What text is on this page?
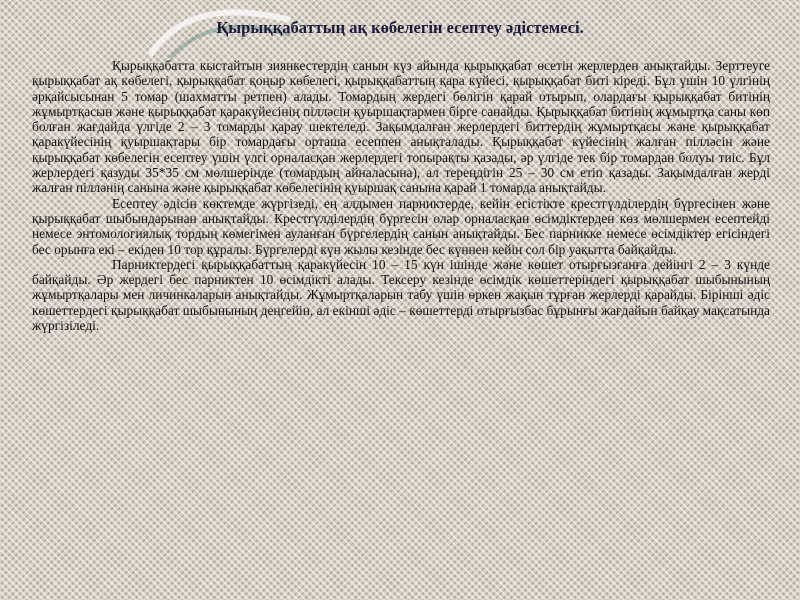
Қырыққабаттың ақ көбелегін есептеу әдістемесі.

Қырыққабатта кыстайтын зиянкестердің санын күз айында қырыққабат өсетін жерлерден анықтайды. Зерттеуге қырыққабат ақ көбелегі, қырыққабат қоңыр көбелегі, қырыққабаттың қара күйесі, қырыққабат биті кіреді. Бұл үшін 10 үлгінің әрқайсысынан 5 томар (шахматты ретпен) алады. Томардың жердегі бөлігін қарай отырып, олардағы қырыққабат битінің жұмыртқасын және қырыққабат қаракүйесінің пілләсін қуыршақтармен бірге санайды. Қырыққабат битінің жұмыртқа саны көп болған жағдайда үлгіде 2 – 3 томарды қарау шектеледі. Зақымдалған жерлердегі биттердің жұмыртқасы және қырыққабат қаракүйесінің қуыршақтары бір томардағы орташа есеппен анықталады. Қырыққабат күйесінің жалған пілләсін және қырыққабат көбелегін есептеу үшін үлгі орналасқан жерлердегі топырақты қазады, әр үлгіде тек бір томардан болуы тиіс. Бұл жерлердегі қазуды 35*35 см мөлшерінде (томардың айналасына), ал тереңдігін 25 – 30 см етіп қазады. Зақымдалған жерді жалған пілләнің санына және қырыққабат көбелегінің қуыршақ санына қарай 1 томарда анықтайды.

Есептеу әдісін көктемде жүргізеді, ең алдымен парниктерде, кейін егістікте крестгүлділердің бүргесінен және қырыққабат шыбындарынан анықтайды. Крестгүлділердің бүргесін олар орналасқан өсімдіктерден көз мөлшермен есептейді немесе энтомологиялық тордың көмегімен ауланған бүргелердің санын анықтайды. Бес парникке немесе өсімдіктер егісіндегі бес орынға екі – екіден 10 тор құралы. Бүргелерді күн жылы кезінде бес күннен кейін сол бір уақытта байқайды.

Парниктердегі қырыққабаттың қаракүйесін 10 – 15 күн ішінде және көшет отырғызғанға дейінгі 2 – 3 күнде байқайды. Әр жердегі бес парниктен 10 өсімдікті алады. Тексеру кезінде өсімдік көшеттеріндегі қырыққабат шыбынының жұмыртқалары мен личинкаларын анықтайды. Жұмыртқаларын табу үшін өркен жақын тұрған жерлерді қарайды. Бірінші әдіс көшеттердегі қырыққабат шыбынының деңгейін, ал екінші әдіс – көшеттерді отырғызбас бұрынғы жағдайын байқау мақсатында жүргізіледі.
